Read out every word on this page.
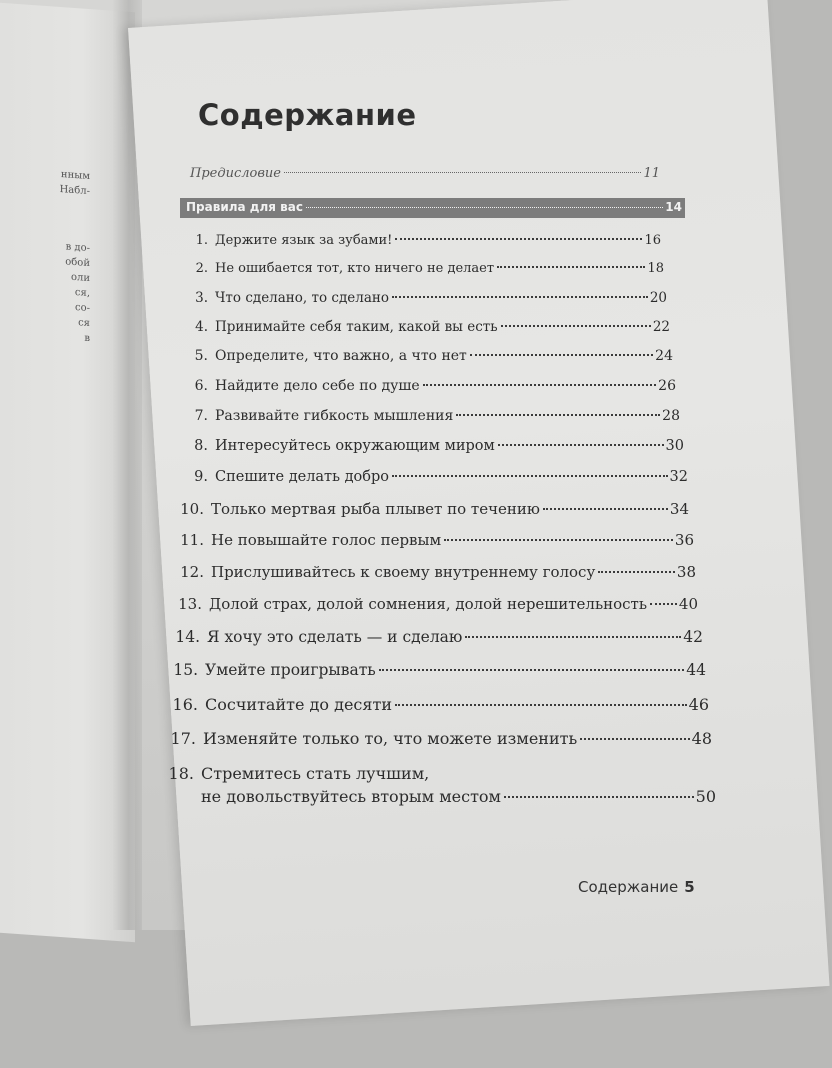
нным
Набл-
в до-
обой
оли
ся,
со-
ся
в
Содержание
Предисловие	11
Правила для вас	14
1. Держите язык за зубами!	16
2. Не ошибается тот, кто ничего не делает	18
3. Что сделано, то сделано	20
4. Принимайте себя таким, какой вы есть	22
5. Определите, что важно, а что нет	24
6. Найдите дело себе по душе	26
7. Развивайте гибкость мышления	28
8. Интересуйтесь окружающим миром	30
9. Спешите делать добро	32
10. Только мертвая рыба плывет по течению	34
11. Не повышайте голос первым	36
12. Прислушивайтесь к своему внутреннему голосу	38
13. Долой страх, долой сомнения, долой нерешительность 40
14. Я хочу это сделать — и сделаю	42
15. Умейте проигрывать	44
16. Сосчитайте до десяти	46
17. Изменяйте только то, что можете изменить	48
18. Стремитесь стать лучшим,
не довольствуйтесь вторым местом	50
Содержание 5
